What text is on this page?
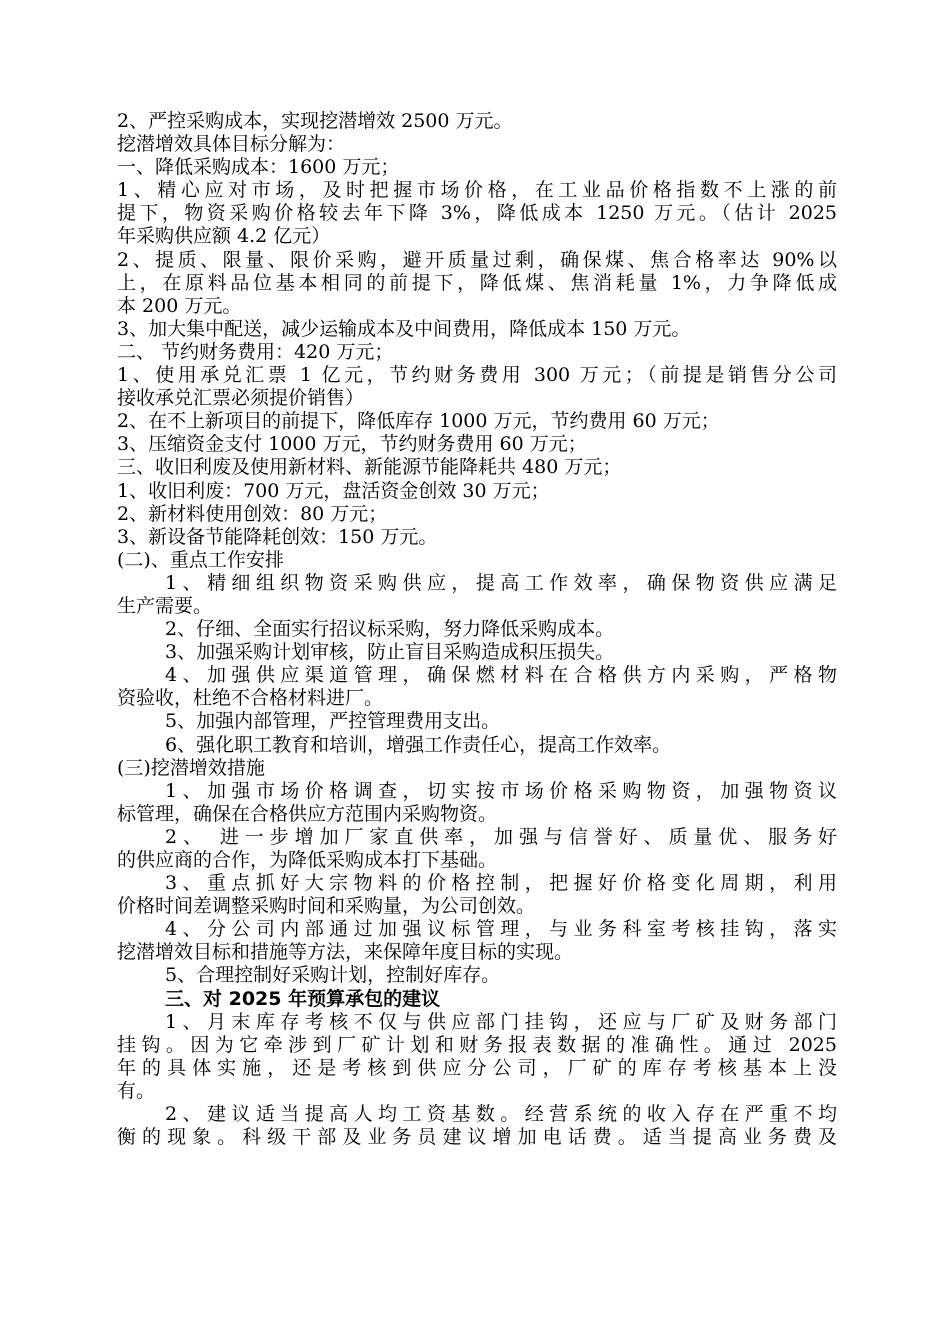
2、严控采购成本，实现挖潜增效 2500 万元。
挖潜增效具体目标分解为：
一、降低采购成本：1600 万元；
1、精心应对市场，及时把握市场价格，在工业品价格指数不上涨的前
提下，物资采购价格较去年下降 3%，降低成本 1250 万元。（估计 2025
年采购供应额 4.2 亿元）
2、提质、限量、限价采购，避开质量过剩，确保煤、焦合格率达 90%以
上，在原料品位基本相同的前提下，降低煤、焦消耗量 1%，力争降低成
本 200 万元。
3、加大集中配送，减少运输成本及中间费用，降低成本 150 万元。
二、 节约财务费用：420 万元；
1、使用承兑汇票 1 亿元，节约财务费用 300 万元；（前提是销售分公司
接收承兑汇票必须提价销售）
2、在不上新项目的前提下，降低库存 1000 万元，节约费用 60 万元；
3、压缩资金支付 1000 万元，节约财务费用 60 万元；
三、收旧利废及使用新材料、新能源节能降耗共 480 万元；
1、收旧利废：700 万元，盘活资金创效 30 万元；
2、新材料使用创效：80 万元；
3、新设备节能降耗创效：150 万元。
(二)、重点工作安排
1、精细组织物资采购供应，提高工作效率，确保物资供应满足
生产需要。
2、仔细、全面实行招议标采购，努力降低采购成本。
3、加强采购计划审核，防止盲目采购造成积压损失。
4、加强供应渠道管理，确保燃材料在合格供方内采购，严格物
资验收，杜绝不合格材料进厂。
5、加强内部管理，严控管理费用支出。
6、强化职工教育和培训，增强工作责任心，提高工作效率。
(三)挖潜增效措施
1、加强市场价格调查，切实按市场价格采购物资，加强物资议
标管理，确保在合格供应方范围内采购物资。
2、 进一步增加厂家直供率，加强与信誉好、质量优、服务好
的供应商的合作，为降低采购成本打下基础。
3、重点抓好大宗物料的价格控制，把握好价格变化周期，利用
价格时间差调整采购时间和采购量，为公司创效。
4、分公司内部通过加强议标管理，与业务科室考核挂钩，落实
挖潜增效目标和措施等方法，来保障年度目标的实现。
5、合理控制好采购计划，控制好库存。
三、对 2025 年预算承包的建议
1、月末库存考核不仅与供应部门挂钩，还应与厂矿及财务部门
挂钩。因为它牵涉到厂矿计划和财务报表数据的准确性。通过 2025
年的具体实施，还是考核到供应分公司，厂矿的库存考核基本上没
有。
2、建议适当提高人均工资基数。经营系统的收入存在严重不均
衡的现象。科级干部及业务员建议增加电话费。适当提高业务费及
